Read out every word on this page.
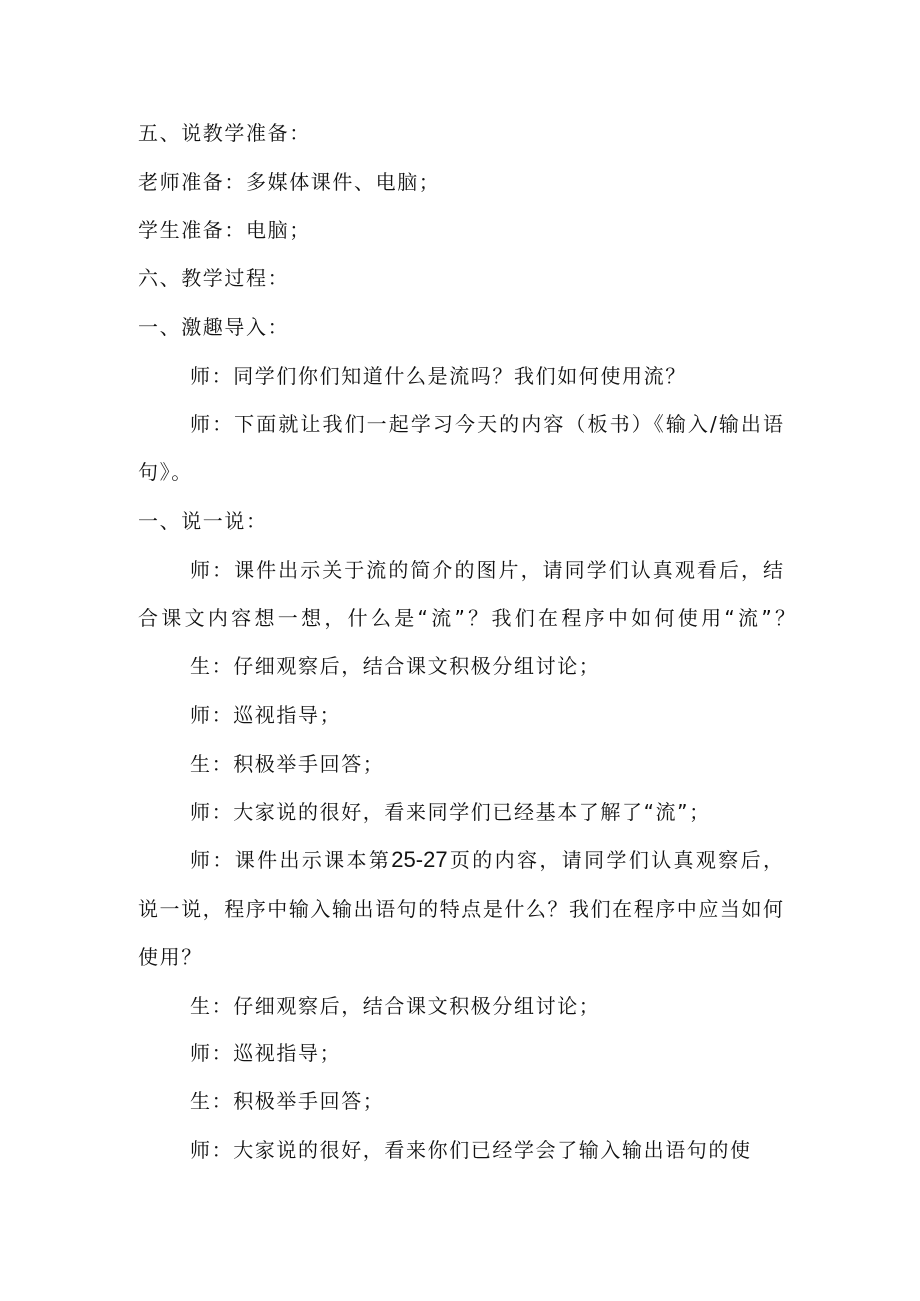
五、说教学准备：
老师准备：多媒体课件、电脑；
学生准备：电脑；
六、教学过程：
一、激趣导入：
师：同学们你们知道什么是流吗？我们如何使用流？
师：下面就让我们一起学习今天的内容（板书）《输入/输出语
句》。
一、说一说：
师：课件出示关于流的简介的图片，请同学们认真观看后，结
合课文内容想一想，什么是“流”？我们在程序中如何使用“流”？
生：仔细观察后，结合课文积极分组讨论；
师：巡视指导；
生：积极举手回答；
师：大家说的很好，看来同学们已经基本了解了“流”；
师：课件出示课本第25-27页的内容，请同学们认真观察后，
说一说，程序中输入输出语句的特点是什么？我们在程序中应当如何
使用？
生：仔细观察后，结合课文积极分组讨论；
师：巡视指导；
生：积极举手回答；
师：大家说的很好，看来你们已经学会了输入输出语句的使
